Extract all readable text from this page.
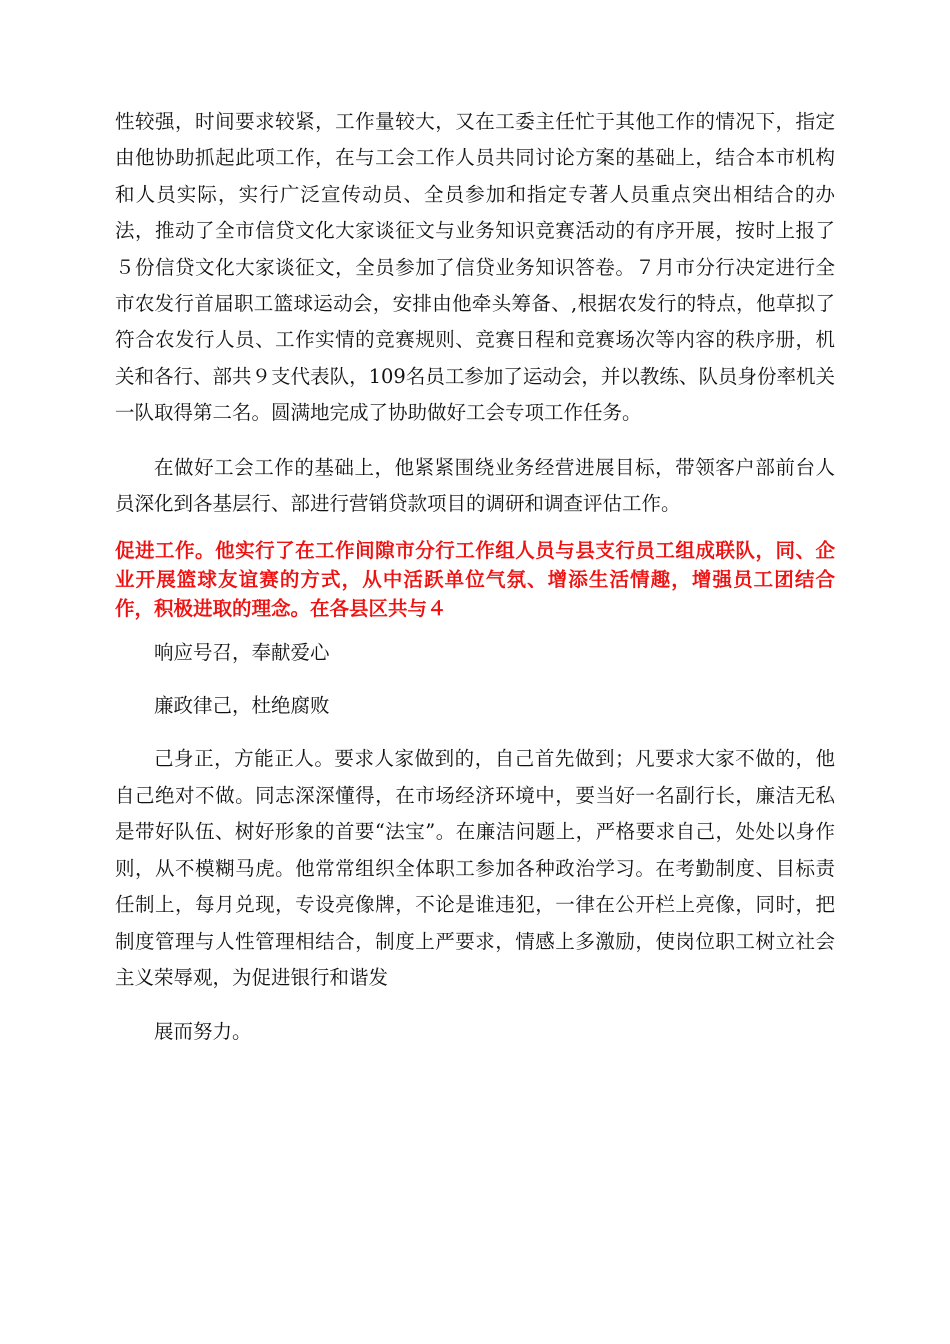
性较强，时间要求较紧，工作量较大，又在工委主任忙于其他工作的情况下，指定由他协助抓起此项工作，在与工会工作人员共同讨论方案的基础上，结合本市机构和人员实际，实行广泛宣传动员、全员参加和指定专著人员重点突出相结合的办法，推动了全市信贷文化大家谈征文与业务知识竞赛活动的有序开展，按时上报了５份信贷文化大家谈征文，全员参加了信贷业务知识答卷。７月市分行决定进行全市农发行首届职工篮球运动会，安排由他牵头筹备、,根据农发行的特点，他草拟了符合农发行人员、工作实情的竞赛规则、竞赛日程和竞赛场次等内容的秩序册，机关和各行、部共９支代表队，109名员工参加了运动会，并以教练、队员身份率机关一队取得第二名。圆满地完成了协助做好工会专项工作任务。

在做好工会工作的基础上，他紧紧围绕业务经营进展目标，带领客户部前台人员深化到各基层行、部进行营销贷款项目的调研和调查评估工作。

促进工作。他实行了在工作间隙市分行工作组人员与县支行员工组成联队，同、企业开展篮球友谊赛的方式，从中活跃单位气氛、增添生活情趣，增强员工团结合作，积极进取的理念。在各县区共与４

响应号召，奉献爱心

廉政律己，杜绝腐败

己身正，方能正人。要求人家做到的，自己首先做到；凡要求大家不做的，他自己绝对不做。同志深深懂得，在市场经济环境中，要当好一名副行长，廉洁无私是带好队伍、树好形象的首要“法宝”。在廉洁问题上，严格要求自己，处处以身作则，从不模糊马虎。他常常组织全体职工参加各种政治学习。在考勤制度、目标责任制上，每月兑现，专设亮像牌，不论是谁违犯，一律在公开栏上亮像，同时，把制度管理与人性管理相结合，制度上严要求，情感上多激励，使岗位职工树立社会主义荣辱观，为促进银行和谐发

展而努力。
